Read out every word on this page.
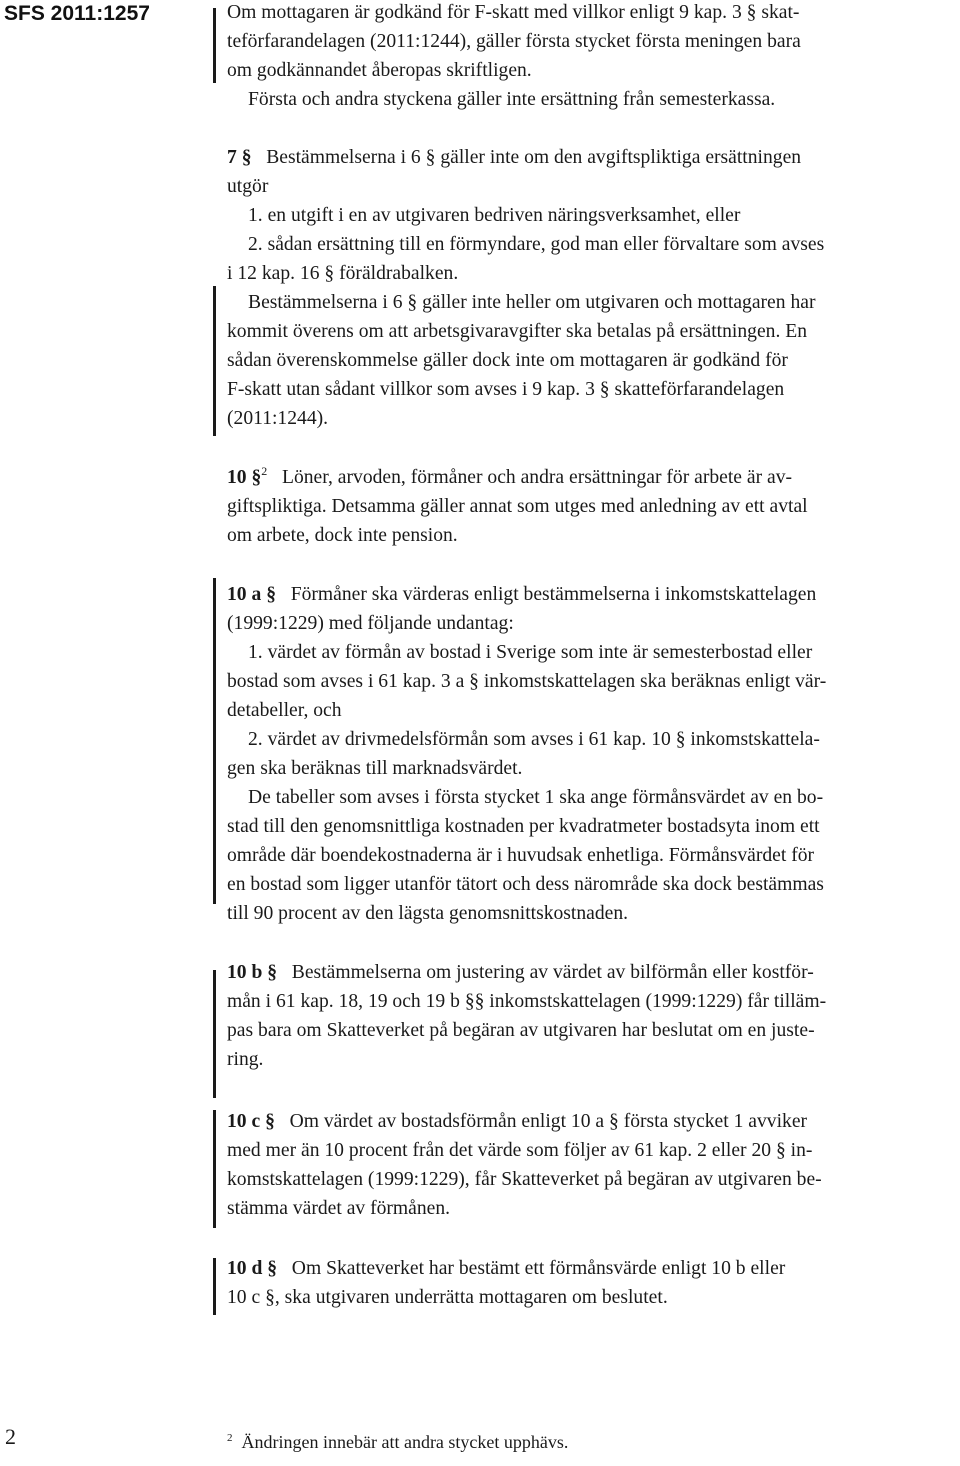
SFS 2011:1257	Om mottagaren är godkänd för F-skatt med villkor enligt 9 kap. 3 § skat-
teförfarandelagen (2011:1244), gäller första stycket första meningen bara
om godkännandet åberopas skriftligen.
Första och andra styckena gäller inte ersättning från semesterkassa.
7 § Bestämmelserna i 6 § gäller inte om den avgiftspliktiga ersättningen
utgör
1. en utgift i en av utgivaren bedriven näringsverksamhet, eller
2. sådan ersättning till en förmyndare, god man eller förvaltare som avses
i 12 kap. 16 § föräldrabalken.
Bestämmelserna i 6 § gäller inte heller om utgivaren och mottagaren har
kommit överens om att arbetsgivaravgifter ska betalas på ersättningen. En
sådan överenskommelse gäller dock inte om mottagaren är godkänd för
F-skatt utan sådant villkor som avses i 9 kap. 3 § skatteförfarandelagen
(2011:1244).
10 §$^2$ Löner, arvoden, förmåner och andra ersättningar för arbete är av-
giftspliktiga. Detsamma gäller annat som utges med anledning av ett avtal
om arbete, dock inte pension.
10 a § Förmåner ska värderas enligt bestämmelserna i inkomstskattelagen
(1999:1229) med följande undantag:
1. värdet av förmån av bostad i Sverige som inte är semesterbostad eller
bostad som avses i 61 kap. 3 a § inkomstskattelagen ska beräknas enligt vär-
detabeller, och
2. värdet av drivmedelsförmån som avses i 61 kap. 10 § inkomstskattela-
gen ska beräknas till marknadsvärdet.
De tabeller som avses i första stycket 1 ska ange förmånsvärdet av en bo-
stad till den genomsnittliga kostnaden per kvadratmeter bostadsyta inom ett
område där boendekostnaderna är i huvudsak enhetliga. Förmånsvärdet för
en bostad som ligger utanför tätort och dess närområde ska dock bestämmas
till 90 procent av den lägsta genomsnittskostnaden.
10 b § Bestämmelserna om justering av värdet av bilförmån eller kostför-
mån i 61 kap. 18, 19 och 19 b §§ inkomstskattelagen (1999:1229) får tilläm-
pas bara om Skatteverket på begäran av utgivaren har beslutat om en juste-
ring.
10 c § Om värdet av bostadsförmån enligt 10 a § första stycket 1 avviker
med mer än 10 procent från det värde som följer av 61 kap. 2 eller 20 § in-
komstskattelagen (1999:1229), får Skatteverket på begäran av utgivaren be-
stämma värdet av förmånen.
10 d § Om Skatteverket har bestämt ett förmånsvärde enligt 10 b eller
10 c §, ska utgivaren underrätta mottagaren om beslutet.
2	$^2$ Ändringen innebär att andra stycket upphävs.
